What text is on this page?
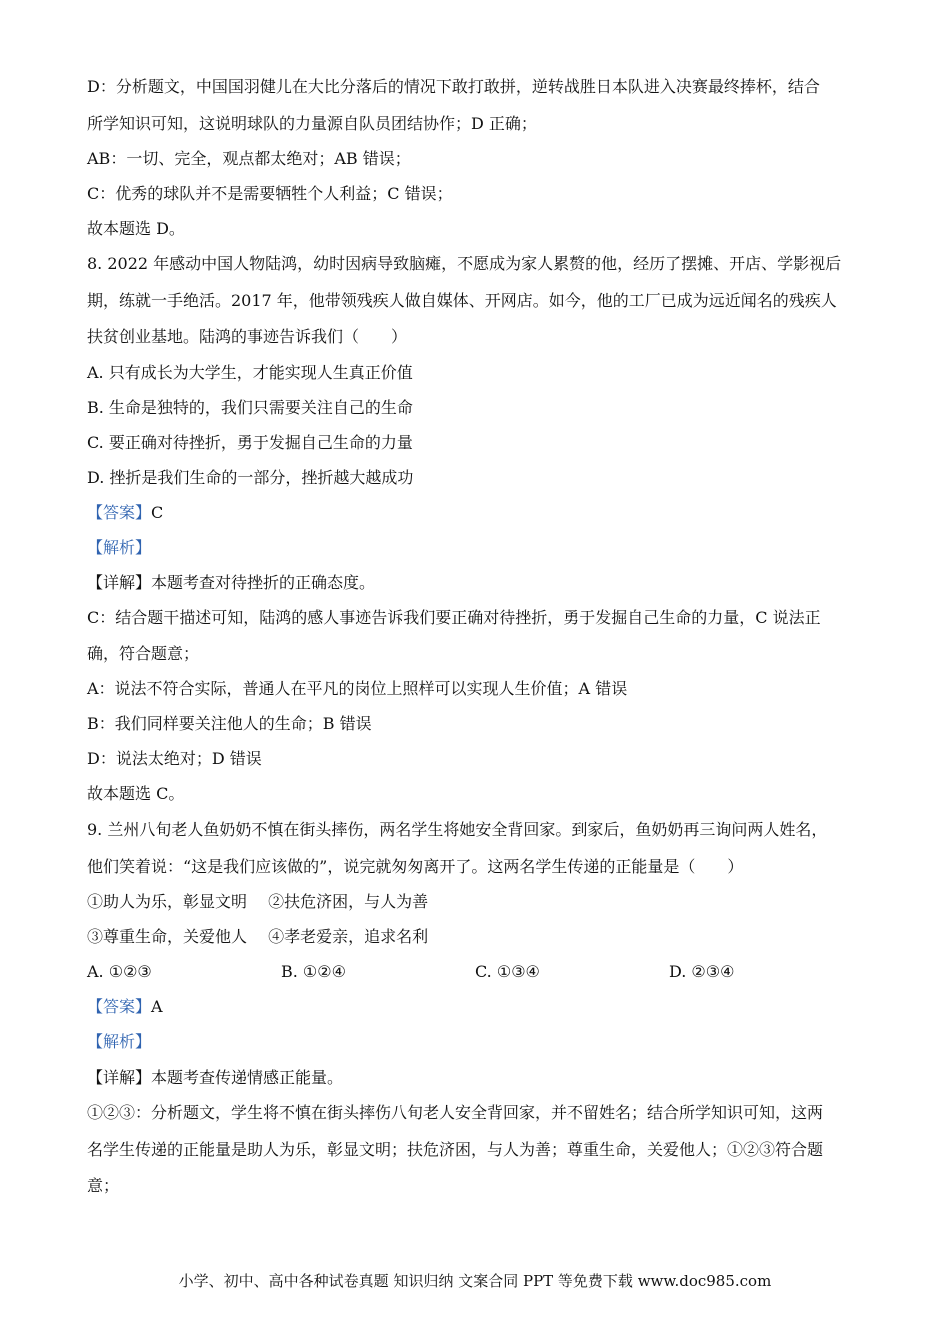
D：分析题文，中国国羽健儿在大比分落后的情况下敢打敢拼，逆转战胜日本队进入决赛最终捧杯，结合
所学知识可知，这说明球队的力量源自队员团结协作；D 正确；
AB：一切、完全，观点都太绝对；AB 错误；
C：优秀的球队并不是需要牺牲个人利益；C 错误；
故本题选 D。
8. 2022 年感动中国人物陆鸿，幼时因病导致脑瘫，不愿成为家人累赘的他，经历了摆摊、开店、学影视后
期，练就一手绝活。2017 年，他带领残疾人做自媒体、开网店。如今，他的工厂已成为远近闻名的残疾人
扶贫创业基地。陆鸿的事迹告诉我们（　　）
A. 只有成长为大学生，才能实现人生真正价值
B. 生命是独特的，我们只需要关注自己的生命
C. 要正确对待挫折，勇于发掘自己生命的力量
D. 挫折是我们生命的一部分，挫折越大越成功
【答案】C
【解析】
【详解】本题考查对待挫折的正确态度。
C：结合题干描述可知，陆鸿的感人事迹告诉我们要正确对待挫折，勇于发掘自己生命的力量，C 说法正
确，符合题意；
A：说法不符合实际，普通人在平凡的岗位上照样可以实现人生价值；A 错误
B：我们同样要关注他人的生命；B 错误
D：说法太绝对；D 错误
故本题选 C。
9. 兰州八旬老人鱼奶奶不慎在街头摔伤，两名学生将她安全背回家。到家后，鱼奶奶再三询问两人姓名，
他们笑着说：“这是我们应该做的”，说完就匆匆离开了。这两名学生传递的正能量是（　　）
①助人为乐，彰显文明　 ②扶危济困，与人为善
③尊重生命，关爱他人　 ④孝老爱亲，追求名利
A. ①②③	B. ①②④	C. ①③④	D. ②③④
【答案】A
【解析】
【详解】本题考查传递情感正能量。
①②③：分析题文，学生将不慎在街头摔伤八旬老人安全背回家，并不留姓名；结合所学知识可知，这两
名学生传递的正能量是助人为乐，彰显文明；扶危济困，与人为善；尊重生命，关爱他人；①②③符合题
意；
小学、初中、高中各种试卷真题 知识归纳 文案合同 PPT 等免费下载 www.doc985.com
